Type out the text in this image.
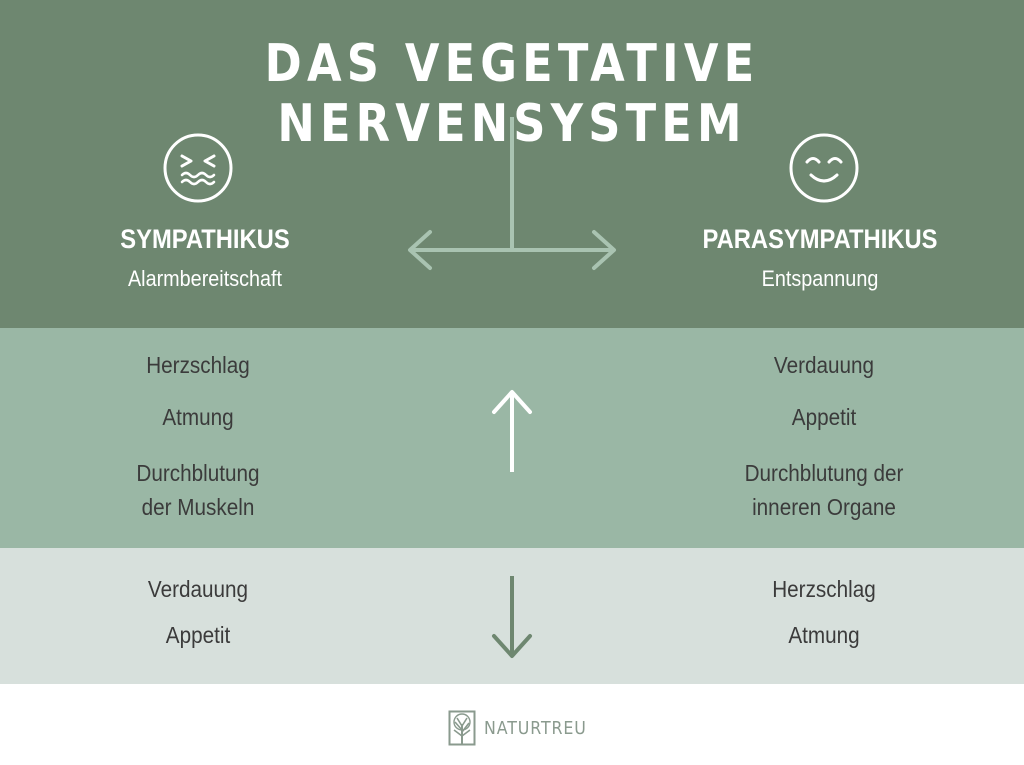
DAS VEGETATIVE NERVENSYSTEM
SYMPATHIKUS
Alarmbereitschaft
PARASYMPATHIKUS
Entspannung
Herzschlag
Atmung
Durchblutung
der Muskeln
Verdauung
Appetit
Durchblutung der
inneren Organe
Verdauung
Appetit
Herzschlag
Atmung
NATURTREU
